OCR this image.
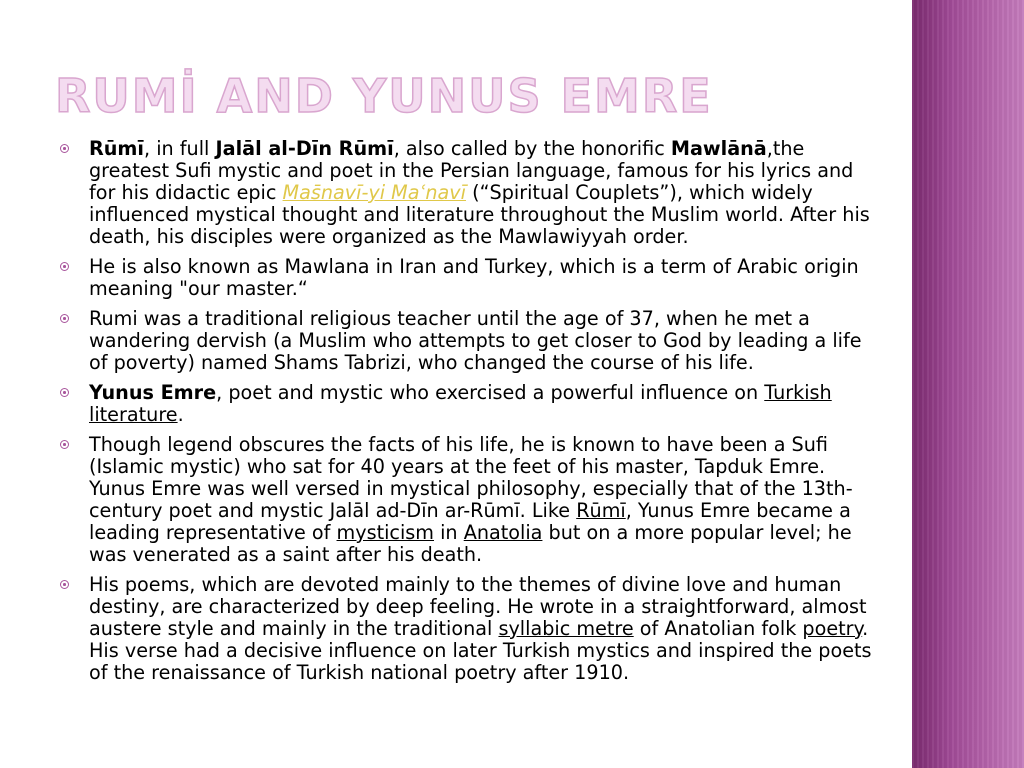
RUMİ AND YUNUS EMRE
Rūmī, in full Jalāl al-Dīn Rūmī, also called by the honorific Mawlānā,the greatest Sufi mystic and poet in the Persian language, famous for his lyrics and for his didactic epic Mas̄navī-yi Maʿnavī (“Spiritual Couplets”), which widely influenced mystical thought and literature throughout the Muslim world. After his death, his disciples were organized as the Mawlawiyyah order.
He is also known as Mawlana in Iran and Turkey, which is a term of Arabic origin meaning "our master.“
Rumi was a traditional religious teacher until the age of 37, when he met a wandering dervish (a Muslim who attempts to get closer to God by leading a life of poverty) named Shams Tabrizi, who changed the course of his life.
Yunus Emre, poet and mystic who exercised a powerful influence on Turkish literature.
Though legend obscures the facts of his life, he is known to have been a Sufi (Islamic mystic) who sat for 40 years at the feet of his master, Tapduk Emre. Yunus Emre was well versed in mystical philosophy, especially that of the 13th-century poet and mystic Jalāl ad-Dīn ar-Rūmī. Like Rūmī, Yunus Emre became a leading representative of mysticism in Anatolia but on a more popular level; he was venerated as a saint after his death.
His poems, which are devoted mainly to the themes of divine love and human destiny, are characterized by deep feeling. He wrote in a straightforward, almost austere style and mainly in the traditional syllabic metre of Anatolian folk poetry. His verse had a decisive influence on later Turkish mystics and inspired the poets of the renaissance of Turkish national poetry after 1910.
